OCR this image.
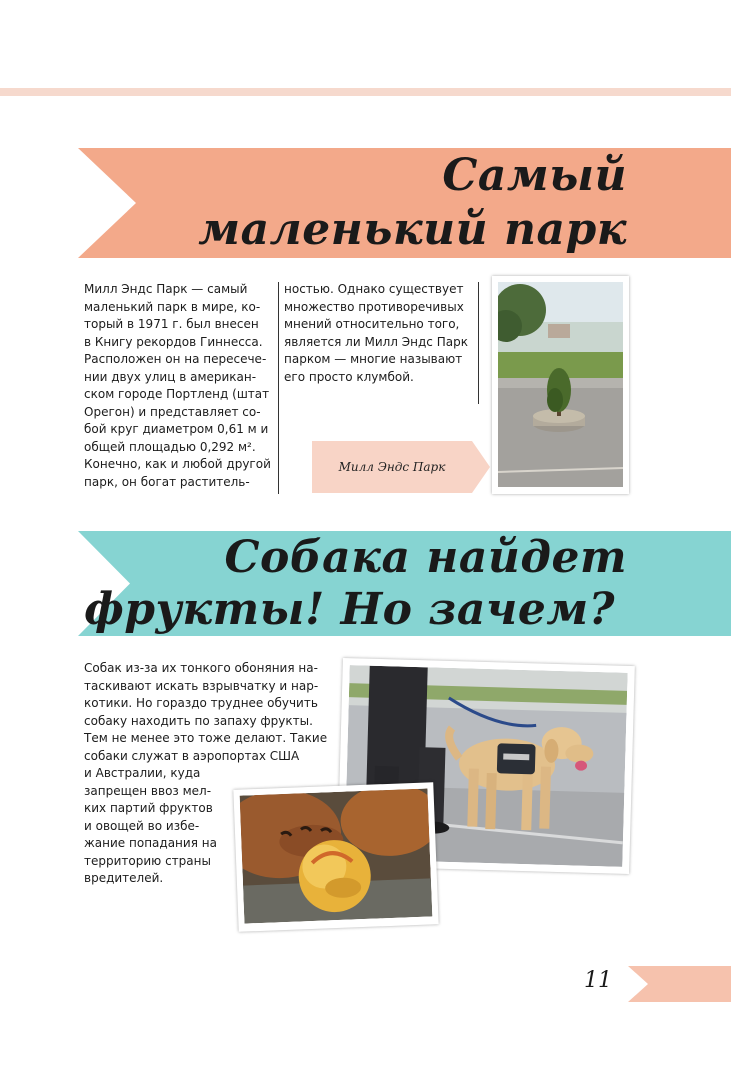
Самый
маленький парк
Милл Эндс Парк — самый
маленький парк в мире, ко-
торый в 1971 г. был внесен
в Книгу рекордов Гиннесса.
Расположен он на пересече-
нии двух улиц в американ-
ском городе Портленд (штат
Орегон) и представляет со-
бой круг диаметром 0,61 м и
общей площадью 0,292 м².
Конечно, как и любой другой
парк, он богат раститель-
ностью. Однако существует
множество противоречивых
мнений относительно того,
является ли Милл Эндс Парк
парком — многие называют
его просто клумбой.
Милл Эндс Парк
Собака найдет
фрукты! Но зачем?
Собак из-за их тонкого обоняния на-
таскивают искать взрывчатку и нар-
котики. Но гораздо труднее обучить
собаку находить по запаху фрукты.
Тем не менее это тоже делают. Такие
собаки служат в аэропортах США
и Австралии, куда
запрещен ввоз мел-
ких партий фруктов
и овощей во избе-
жание попадания на
территорию страны
вредителей.
11
